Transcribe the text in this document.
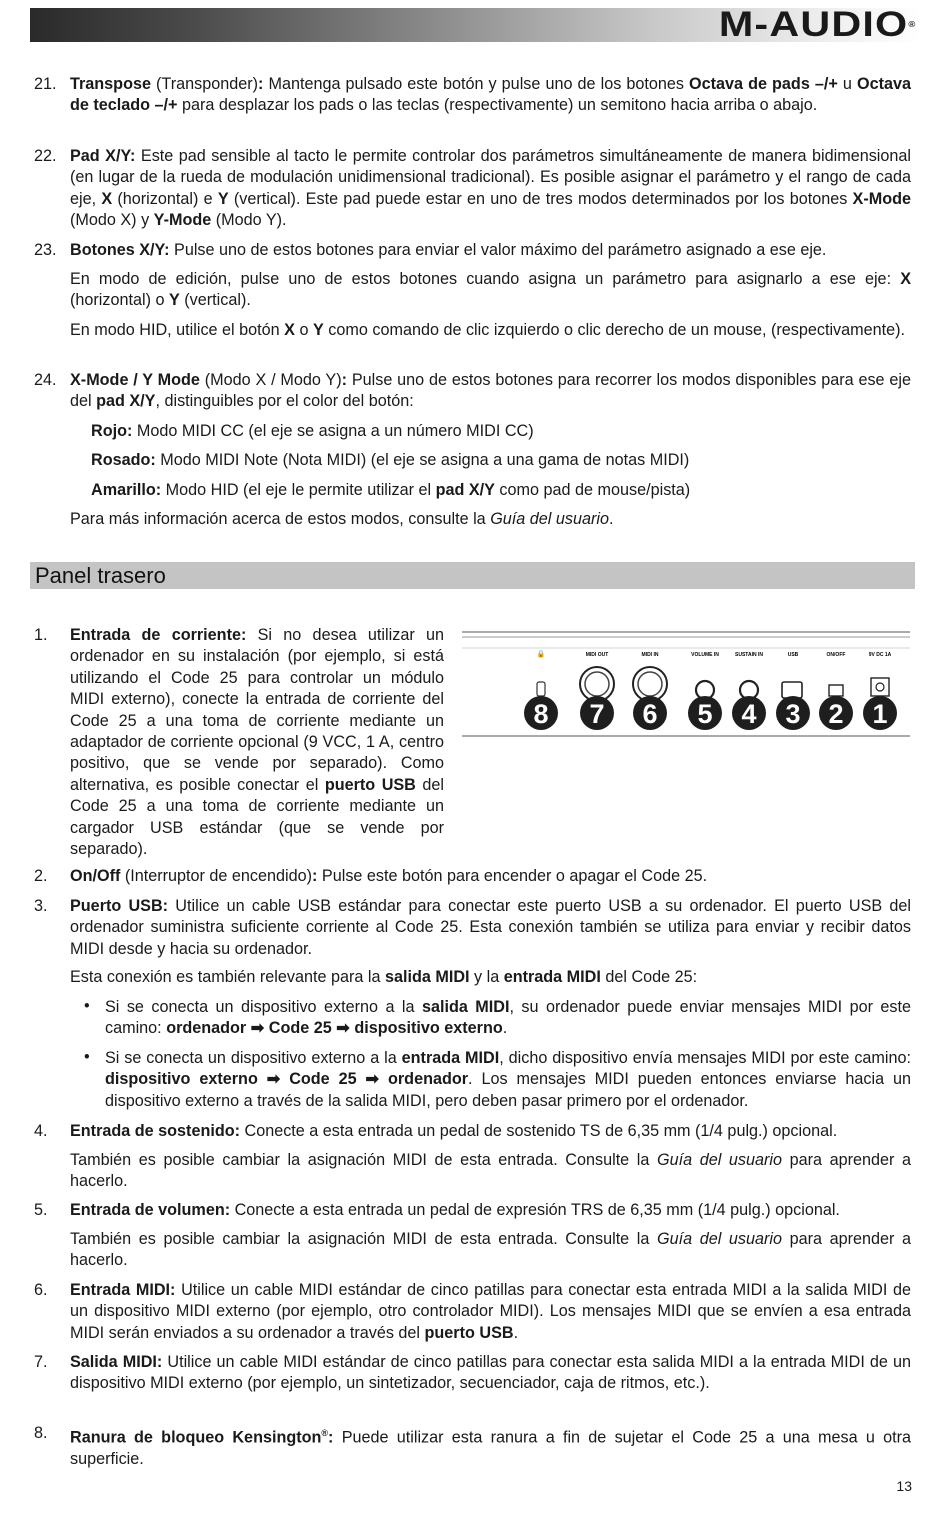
M-AUDIO®
21. Transpose (Transponder): Mantenga pulsado este botón y pulse uno de los botones Octava de pads –/+ u Octava de teclado –/+ para desplazar los pads o las teclas (respectivamente) un semitono hacia arriba o abajo.
22. Pad X/Y: Este pad sensible al tacto le permite controlar dos parámetros simultáneamente de manera bidimensional (en lugar de la rueda de modulación unidimensional tradicional). Es posible asignar el parámetro y el rango de cada eje, X (horizontal) e Y (vertical). Este pad puede estar en uno de tres modos determinados por los botones X-Mode (Modo X) y Y-Mode (Modo Y).
23. Botones X/Y: Pulse uno de estos botones para enviar el valor máximo del parámetro asignado a ese eje.
En modo de edición, pulse uno de estos botones cuando asigna un parámetro para asignarlo a ese eje: X (horizontal) o Y (vertical).
En modo HID, utilice el botón X o Y como comando de clic izquierdo o clic derecho de un mouse, (respectivamente).
24. X-Mode / Y Mode (Modo X / Modo Y): Pulse uno de estos botones para recorrer los modos disponibles para ese eje del pad X/Y, distinguibles por el color del botón:
Rojo: Modo MIDI CC (el eje se asigna a un número MIDI CC)
Rosado: Modo MIDI Note (Nota MIDI) (el eje se asigna a una gama de notas MIDI)
Amarillo: Modo HID (el eje le permite utilizar el pad X/Y como pad de mouse/pista)
Para más información acerca de estos modos, consulte la Guía del usuario.
Panel trasero
9V DC 1A
ON/OFF
USB
SUSTAIN IN
VOLUME IN
MIDI IN
MIDI OUT
🔒
8 7 6 5 4 3 2 1
1. Entrada de corriente: Si no desea utilizar un ordenador en su instalación (por ejemplo, si está utilizando el Code 25 para controlar un módulo MIDI externo), conecte la entrada de corriente del Code 25 a una toma de corriente mediante un adaptador de corriente opcional (9 VCC, 1 A, centro positivo, que se vende por separado). Como alternativa, es posible conectar el puerto USB del Code 25 a una toma de corriente mediante un cargador USB estándar (que se vende por separado).
2. On/Off (Interruptor de encendido): Pulse este botón para encender o apagar el Code 25.
3. Puerto USB: Utilice un cable USB estándar para conectar este puerto USB a su ordenador. El puerto USB del ordenador suministra suficiente corriente al Code 25. Esta conexión también se utiliza para enviar y recibir datos MIDI desde y hacia su ordenador.
Esta conexión es también relevante para la salida MIDI y la entrada MIDI del Code 25:
• Si se conecta un dispositivo externo a la salida MIDI, su ordenador puede enviar mensajes MIDI por este camino: ordenador ➡ Code 25 ➡ dispositivo externo.
• Si se conecta un dispositivo externo a la entrada MIDI, dicho dispositivo envía mensajes MIDI por este camino: dispositivo externo ➡ Code 25 ➡ ordenador. Los mensajes MIDI pueden entonces enviarse hacia un dispositivo externo a través de la salida MIDI, pero deben pasar primero por el ordenador.
4. Entrada de sostenido: Conecte a esta entrada un pedal de sostenido TS de 6,35 mm (1/4 pulg.) opcional.
También es posible cambiar la asignación MIDI de esta entrada. Consulte la Guía del usuario para aprender a hacerlo.
5. Entrada de volumen: Conecte a esta entrada un pedal de expresión TRS de 6,35 mm (1/4 pulg.) opcional.
También es posible cambiar la asignación MIDI de esta entrada. Consulte la Guía del usuario para aprender a hacerlo.
6. Entrada MIDI: Utilice un cable MIDI estándar de cinco patillas para conectar esta entrada MIDI a la salida MIDI de un dispositivo MIDI externo (por ejemplo, otro controlador MIDI). Los mensajes MIDI que se envíen a esa entrada MIDI serán enviados a su ordenador a través del puerto USB.
7. Salida MIDI: Utilice un cable MIDI estándar de cinco patillas para conectar esta salida MIDI a la entrada MIDI de un dispositivo MIDI externo (por ejemplo, un sintetizador, secuenciador, caja de ritmos, etc.).
8. Ranura de bloqueo Kensington®: Puede utilizar esta ranura a fin de sujetar el Code 25 a una mesa u otra superficie.
13
